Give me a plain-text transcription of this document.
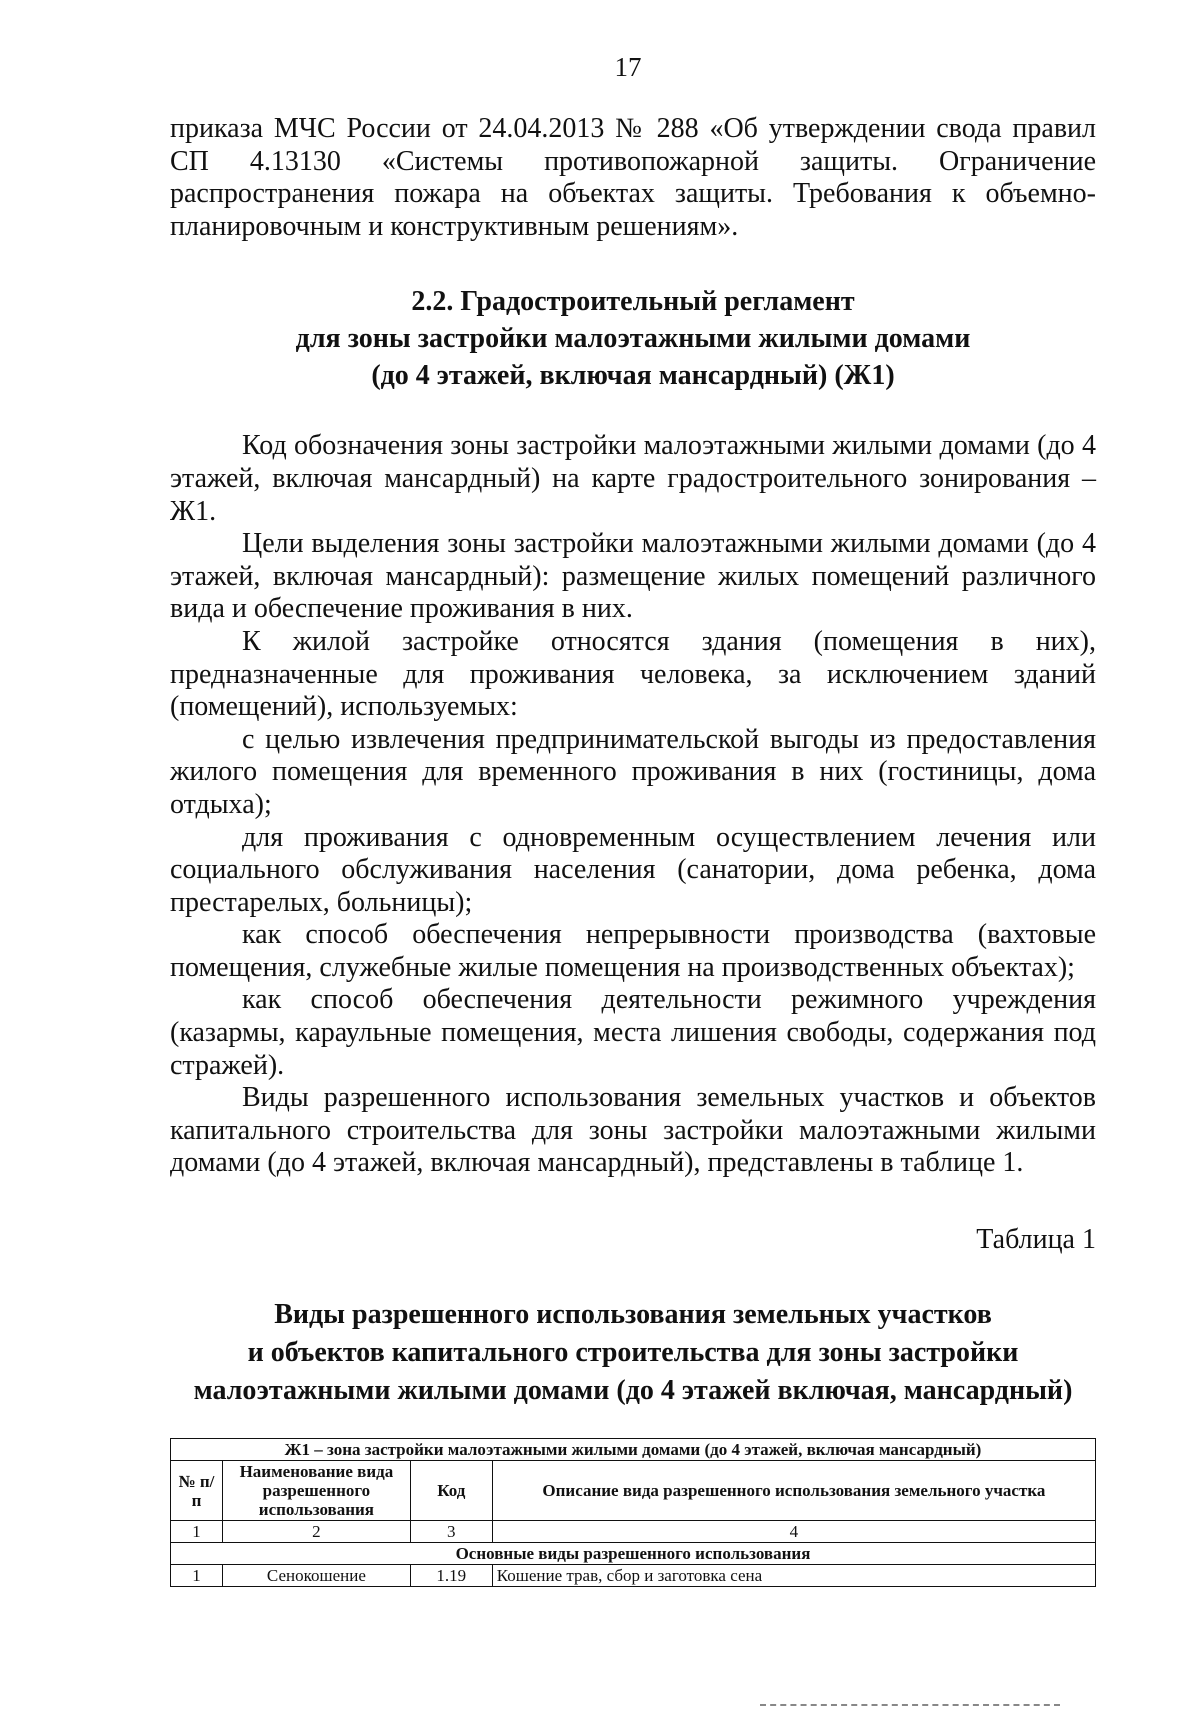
17

приказа МЧС России от 24.04.2013 № 288 «Об утверждении свода правил СП 4.13130 «Системы противопожарной защиты. Ограничение распространения пожара на объектах защиты. Требования к объемно-планировочным и конструктивным решениям».

2.2. Градостроительный регламент
для зоны застройки малоэтажными жилыми домами
(до 4 этажей, включая мансардный) (Ж1)

Код обозначения зоны застройки малоэтажными жилыми домами (до 4 этажей, включая мансардный) на карте градостроительного зонирования – Ж1.

Цели выделения зоны застройки малоэтажными жилыми домами (до 4 этажей, включая мансардный): размещение жилых помещений различного вида и обеспечение проживания в них.

К жилой застройке относятся здания (помещения в них), предназначенные для проживания человека, за исключением зданий (помещений), используемых:

с целью извлечения предпринимательской выгоды из предоставления жилого помещения для временного проживания в них (гостиницы, дома отдыха);

для проживания с одновременным осуществлением лечения или социального обслуживания населения (санатории, дома ребенка, дома престарелых, больницы);

как способ обеспечения непрерывности производства (вахтовые помещения, служебные жилые помещения на производственных объектах);

как способ обеспечения деятельности режимного учреждения (казармы, караульные помещения, места лишения свободы, содержания под стражей).

Виды разрешенного использования земельных участков и объектов капитального строительства для зоны застройки малоэтажными жилыми домами (до 4 этажей, включая мансардный), представлены в таблице 1.

Таблица 1
Виды разрешенного использования земельных участков
и объектов капитального строительства для зоны застройки
малоэтажными жилыми домами (до 4 этажей включая, мансардный)
Ж1 – зона застройки малоэтажными жилыми домами (до 4 этажей, включая мансардный)			
№ п/п	Наименование вида разрешенного использования	Код	Описание вида разрешенного использования земельного участка
1	2	3	4
Основные виды разрешенного использования			
1	Сенокошение	1.19	Кошение трав, сбор и заготовка сена
